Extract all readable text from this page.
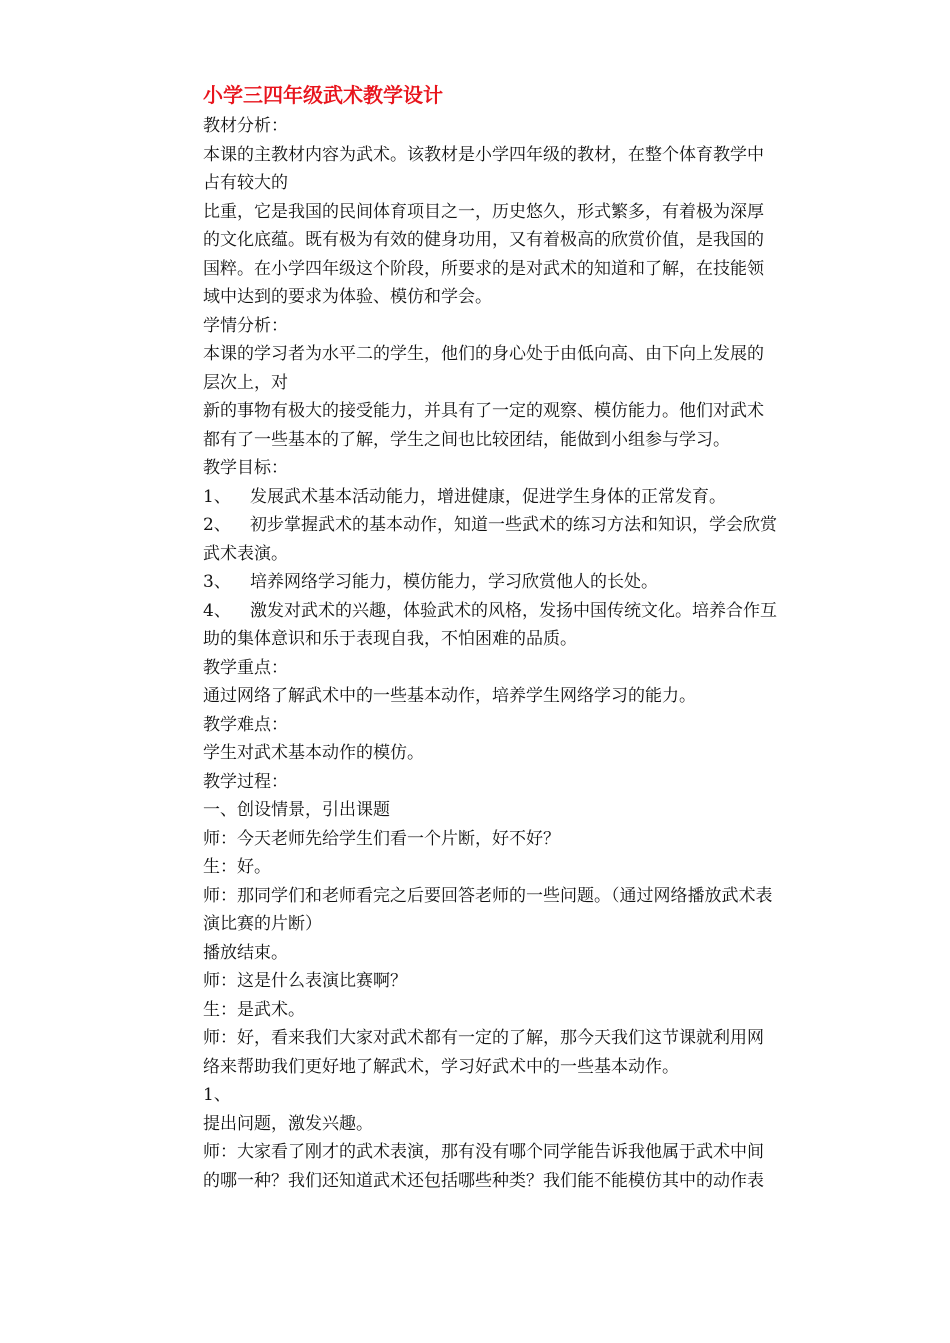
小学三四年级武术教学设计

教材分析：

本课的主教材内容为武术。该教材是小学四年级的教材，在整个体育教学中

占有较大的

比重，它是我国的民间体育项目之一，历史悠久，形式繁多，有着极为深厚

的文化底蕴。既有极为有效的健身功用，又有着极高的欣赏价值，是我国的

国粹。在小学四年级这个阶段，所要求的是对武术的知道和了解，在技能领

域中达到的要求为体验、模仿和学会。

学情分析：

本课的学习者为水平二的学生，他们的身心处于由低向高、由下向上发展的

层次上，对

新的事物有极大的接受能力，并具有了一定的观察、模仿能力。他们对武术

都有了一些基本的了解，学生之间也比较团结，能做到小组参与学习。

教学目标：

1、 发展武术基本活动能力，增进健康，促进学生身体的正常发育。

2、 初步掌握武术的基本动作，知道一些武术的练习方法和知识，学会欣赏

武术表演。

3、 培养网络学习能力，模仿能力，学习欣赏他人的长处。

4、 激发对武术的兴趣，体验武术的风格，发扬中国传统文化。培养合作互

助的集体意识和乐于表现自我，不怕困难的品质。

教学重点：

通过网络了解武术中的一些基本动作，培养学生网络学习的能力。

教学难点：

学生对武术基本动作的模仿。

教学过程：

一、创设情景，引出课题

师：今天老师先给学生们看一个片断，好不好？

生：好。

师：那同学们和老师看完之后要回答老师的一些问题。（通过网络播放武术表

演比赛的片断）

播放结束。

师：这是什么表演比赛啊？

生：是武术。

师：好，看来我们大家对武术都有一定的了解，那今天我们这节课就利用网

络来帮助我们更好地了解武术，学习好武术中的一些基本动作。

1、

提出问题，激发兴趣。

师：大家看了刚才的武术表演，那有没有哪个同学能告诉我他属于武术中间

的哪一种？我们还知道武术还包括哪些种类？我们能不能模仿其中的动作表
